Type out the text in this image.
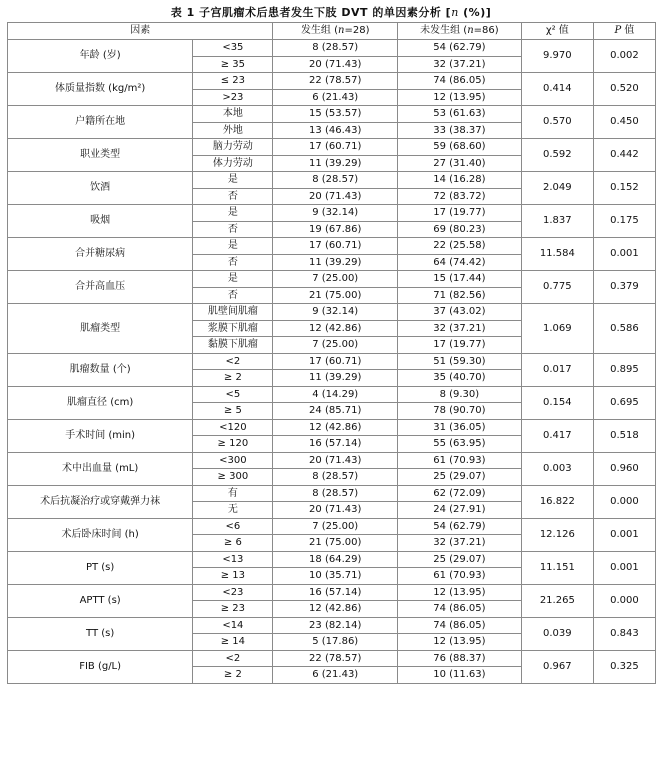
表 1 子宫肌瘤术后患者发生下肢 DVT 的单因素分析 [n (%)]
因素		发生组 (n=28)	未发生组 (n=86)	χ² 值	P 值
年龄 (岁)	<35	8 (28.57)	54 (62.79)	9.970	0.002
	≥ 35	20 (71.43)	32 (37.21)		
体质量指数 (kg/m²)	≤ 23	22 (78.57)	74 (86.05)	0.414	0.520
	>23	6 (21.43)	12 (13.95)		
户籍所在地	本地	15 (53.57)	53 (61.63)	0.570	0.450
	外地	13 (46.43)	33 (38.37)		
职业类型	脑力劳动	17 (60.71)	59 (68.60)	0.592	0.442
	体力劳动	11 (39.29)	27 (31.40)		
饮酒	是	8 (28.57)	14 (16.28)	2.049	0.152
	否	20 (71.43)	72 (83.72)		
吸烟	是	9 (32.14)	17 (19.77)	1.837	0.175
	否	19 (67.86)	69 (80.23)		
合并糖尿病	是	17 (60.71)	22 (25.58)	11.584	0.001
	否	11 (39.29)	64 (74.42)		
合并高血压	是	7 (25.00)	15 (17.44)	0.775	0.379
	否	21 (75.00)	71 (82.56)		
肌瘤类型	肌壁间肌瘤	9 (32.14)	37 (43.02)	1.069	0.586
	浆膜下肌瘤	12 (42.86)	32 (37.21)		
	黏膜下肌瘤	7 (25.00)	17 (19.77)		
肌瘤数量 (个)	<2	17 (60.71)	51 (59.30)	0.017	0.895
	≥ 2	11 (39.29)	35 (40.70)		
肌瘤直径 (cm)	<5	4 (14.29)	8 (9.30)	0.154	0.695
	≥ 5	24 (85.71)	78 (90.70)		
手术时间 (min)	<120	12 (42.86)	31 (36.05)	0.417	0.518
	≥ 120	16 (57.14)	55 (63.95)		
术中出血量 (mL)	<300	20 (71.43)	61 (70.93)	0.003	0.960
	≥ 300	8 (28.57)	25 (29.07)		
术后抗凝治疗或穿戴弹力袜	有	8 (28.57)	62 (72.09)	16.822	0.000
	无	20 (71.43)	24 (27.91)		
术后卧床时间 (h)	<6	7 (25.00)	54 (62.79)	12.126	0.001
	≥ 6	21 (75.00)	32 (37.21)		
PT (s)	<13	18 (64.29)	25 (29.07)	11.151	0.001
	≥ 13	10 (35.71)	61 (70.93)		
APTT (s)	<23	16 (57.14)	12 (13.95)	21.265	0.000
	≥ 23	12 (42.86)	74 (86.05)		
TT (s)	<14	23 (82.14)	74 (86.05)	0.039	0.843
	≥ 14	5 (17.86)	12 (13.95)		
FIB (g/L)	<2	22 (78.57)	76 (88.37)	0.967	0.325
	≥ 2	6 (21.43)	10 (11.63)		
